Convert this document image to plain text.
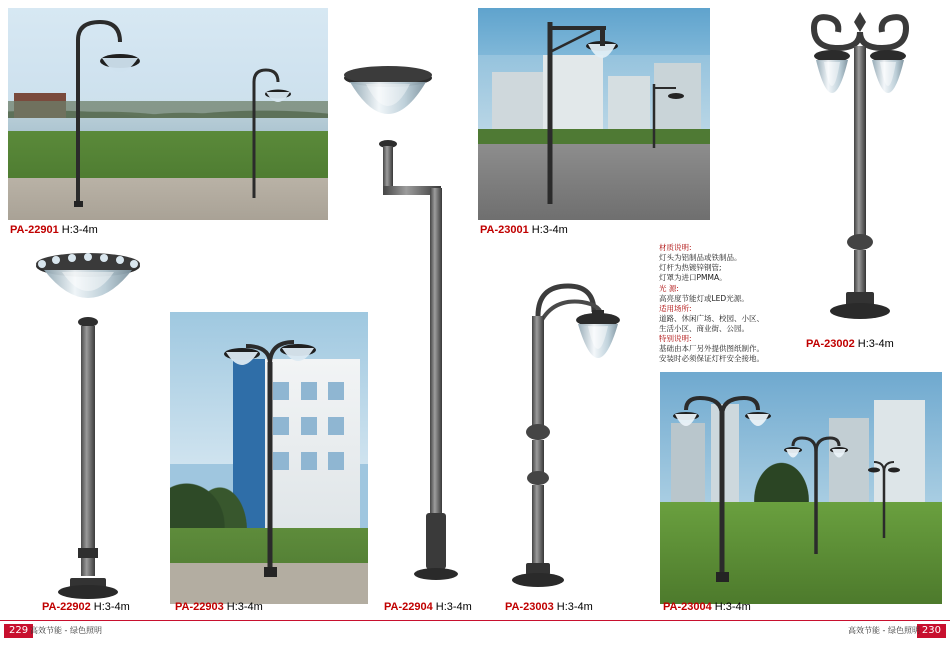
PA-22901 H:3-4m
PA-22902 H:3-4m	PA-22903 H:3-4m	PA-22904 H:3-4m
PA-23001 H:3-4m
PA-23003 H:3-4m
材质说明:
灯头为铝制品或铁制品。
灯杆为热镀锌钢管;
灯罩为进口PMMA。
光 源:
高亮度节能灯或LED光源。
适用场所:
道路、休闲广场、校园、小区、
生活小区、商业街、公园。
特别说明:
基础由本厂另外提供图纸制作。
安装时必须保证灯杆安全接地。
PA-23002 H:3-4m
PA-23004 H:3-4m
229 高效节能 - 绿色照明	230
高效节能 - 绿色照明
